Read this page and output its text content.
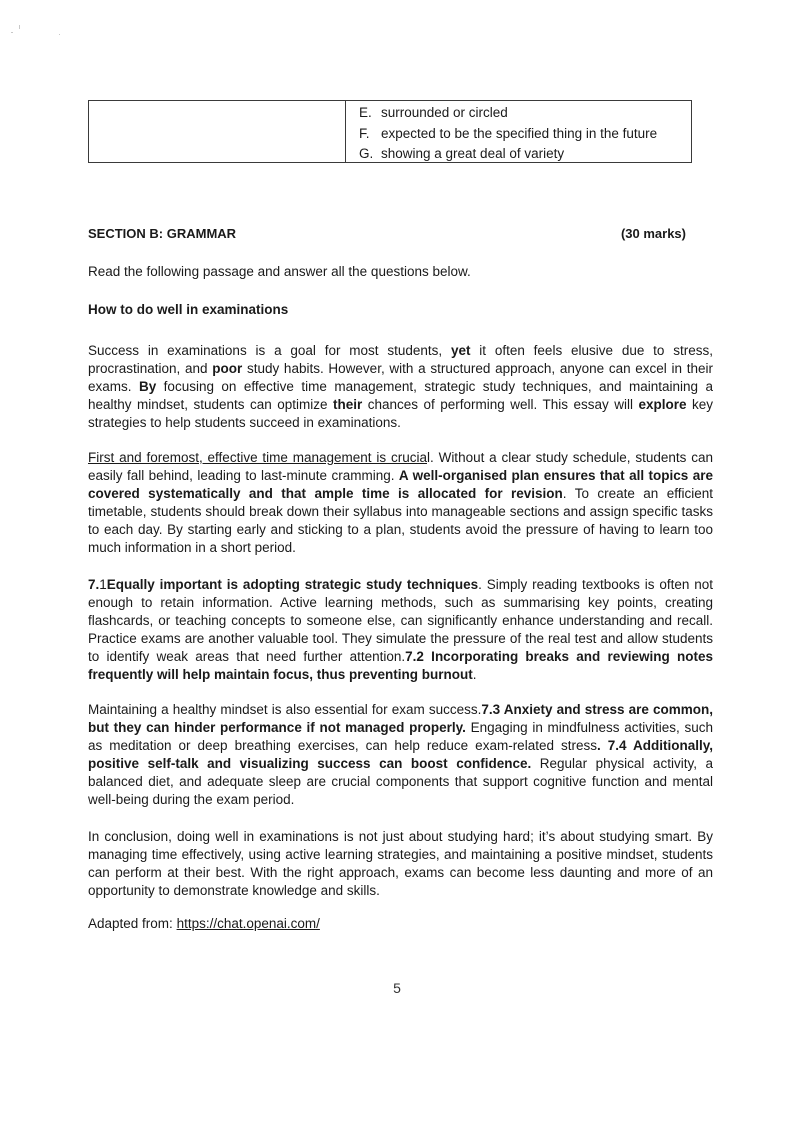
E. surrounded or circled
F. expected to be the specified thing in the future
G. showing a great deal of variety
SECTION B: GRAMMAR	(30 marks)
Read the following passage and answer all the questions below.
How to do well in examinations
Success in examinations is a goal for most students, yet it often feels elusive due to stress, procrastination, and poor study habits. However, with a structured approach, anyone can excel in their exams. By focusing on effective time management, strategic study techniques, and maintaining a healthy mindset, students can optimize their chances of performing well. This essay will explore key strategies to help students succeed in examinations.
First and foremost, effective time management is crucial. Without a clear study schedule, students can easily fall behind, leading to last-minute cramming. A well-organised plan ensures that all topics are covered systematically and that ample time is allocated for revision. To create an efficient timetable, students should break down their syllabus into manageable sections and assign specific tasks to each day. By starting early and sticking to a plan, students avoid the pressure of having to learn too much information in a short period.
7.1Equally important is adopting strategic study techniques. Simply reading textbooks is often not enough to retain information. Active learning methods, such as summarising key points, creating flashcards, or teaching concepts to someone else, can significantly enhance understanding and recall. Practice exams are another valuable tool. They simulate the pressure of the real test and allow students to identify weak areas that need further attention.7.2 Incorporating breaks and reviewing notes frequently will help maintain focus, thus preventing burnout.
Maintaining a healthy mindset is also essential for exam success.7.3 Anxiety and stress are common, but they can hinder performance if not managed properly. Engaging in mindfulness activities, such as meditation or deep breathing exercises, can help reduce exam-related stress. 7.4 Additionally, positive self-talk and visualizing success can boost confidence. Regular physical activity, a balanced diet, and adequate sleep are crucial components that support cognitive function and mental well-being during the exam period.
In conclusion, doing well in examinations is not just about studying hard; it’s about studying smart. By managing time effectively, using active learning strategies, and maintaining a positive mindset, students can perform at their best. With the right approach, exams can become less daunting and more of an opportunity to demonstrate knowledge and skills.
Adapted from: https://chat.openai.com/
5
